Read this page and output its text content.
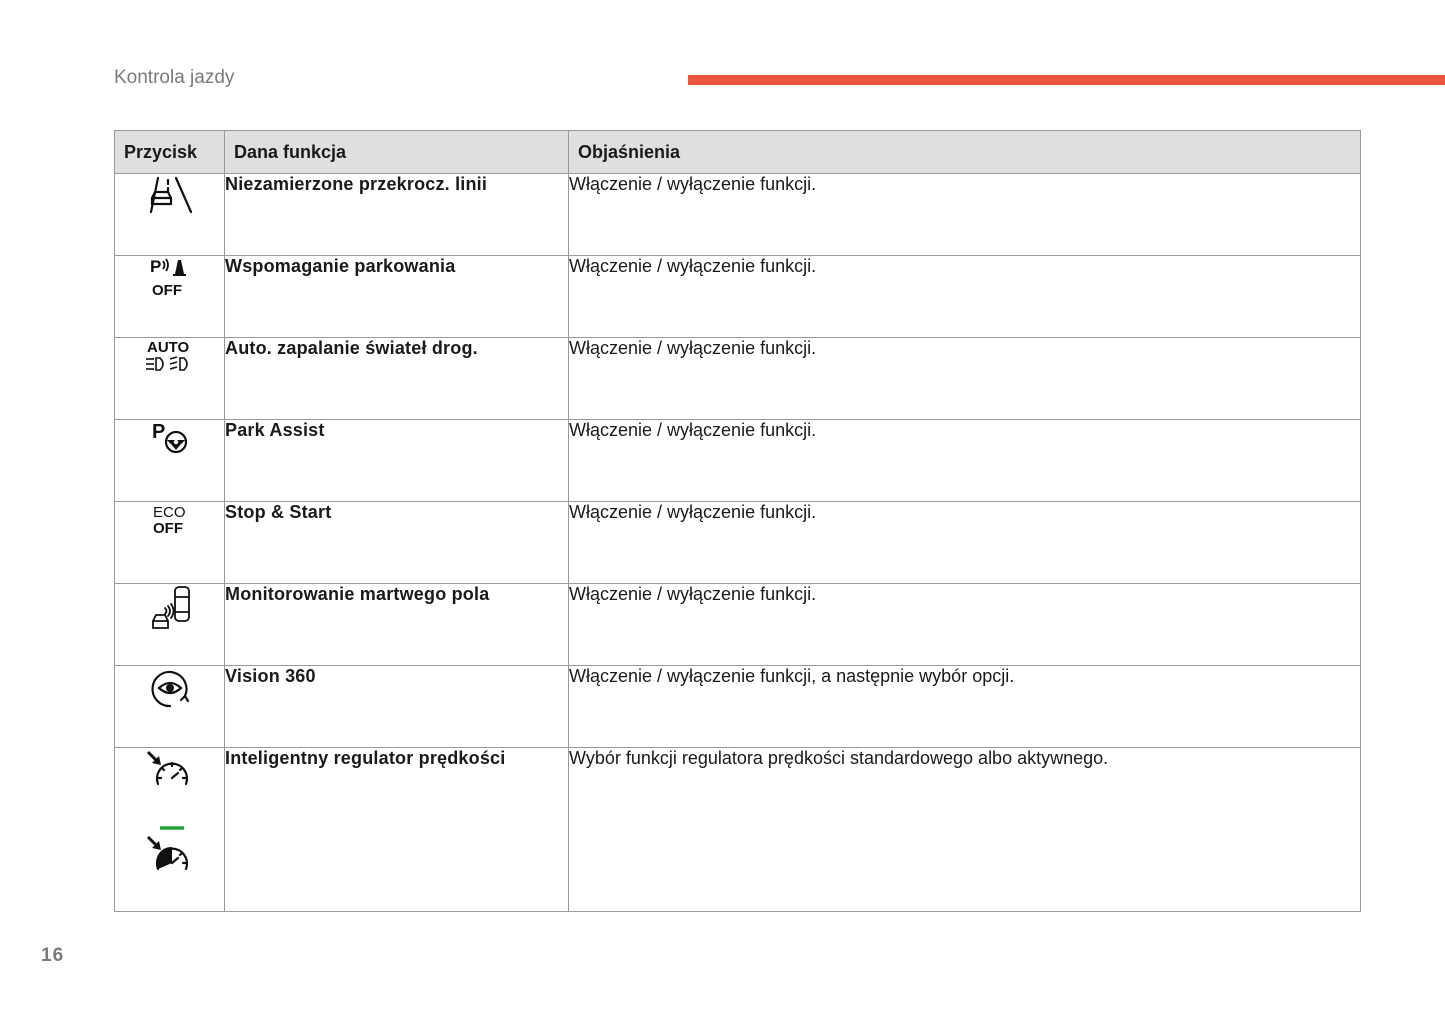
Kontrola jazdy
Przycisk	Dana funkcja	Objaśnienia
	Niezamierzone przekrocz. linii	Włączenie / wyłączenie funkcji.

P
OFF	Wspomaganie parkowania	Włączenie / wyłączenie funkcji.

AUTO	Auto. zapalanie świateł drog.	Włączenie / wyłączenie funkcji.

P	Park Assist	Włączenie / wyłączenie funkcji.

ECO
OFF	Stop & Start	Włączenie / wyłączenie funkcji.
	Monitorowanie martwego pola	Włączenie / wyłączenie funkcji.
	Vision 360	Włączenie / wyłączenie funkcji, a następnie wybór opcji.

	Inteligentny regulator prędkości	Wybór funkcji regulatora prędkości standardowego albo aktywnego.
16
